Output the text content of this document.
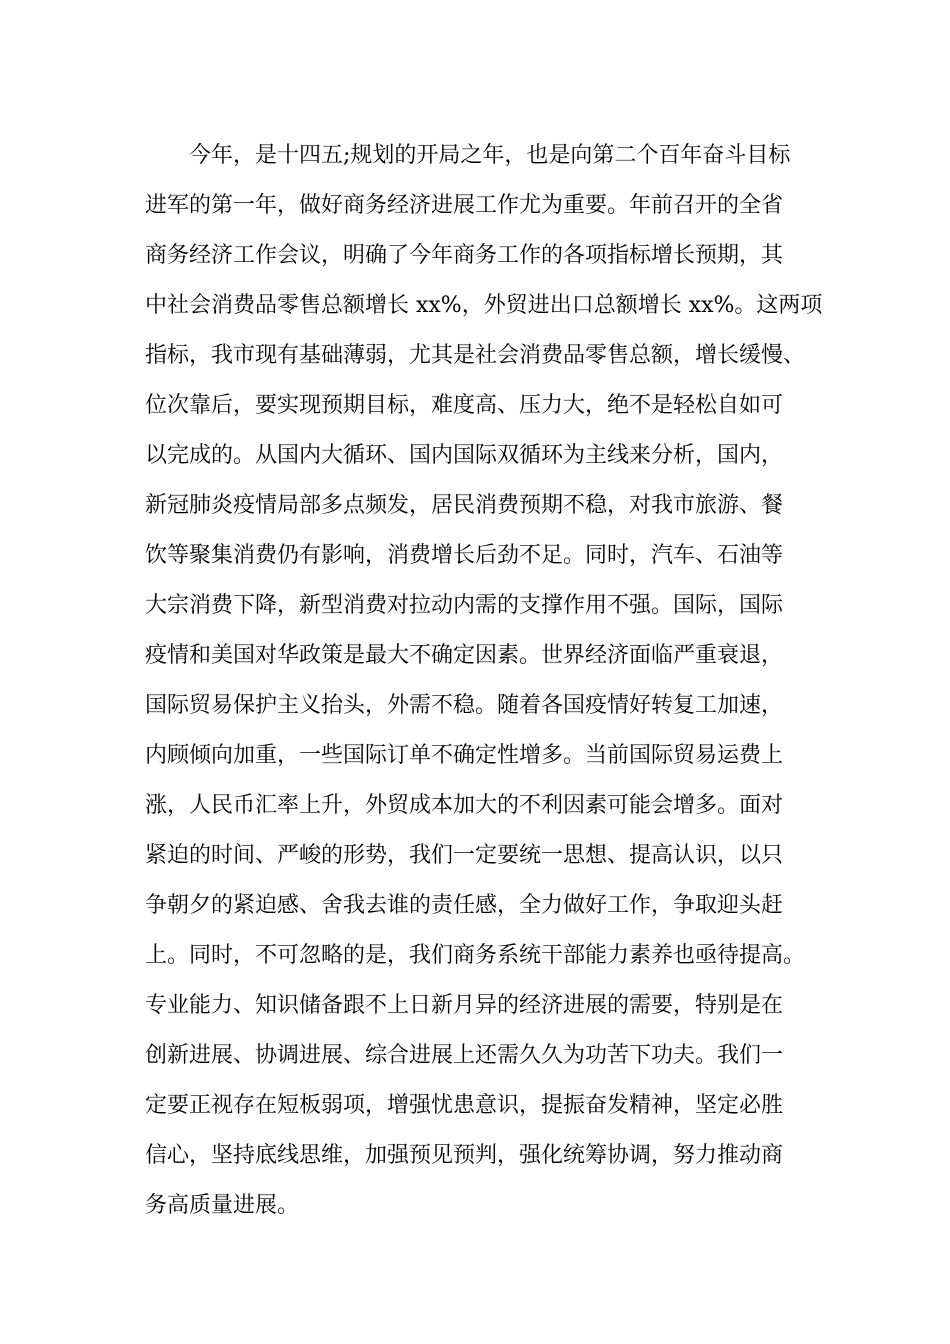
今年，是十四五;规划的开局之年，也是向第二个百年奋斗目标
进军的第一年，做好商务经济进展工作尤为重要。年前召开的全省
商务经济工作会议，明确了今年商务工作的各项指标增长预期，其
中社会消费品零售总额增长 xx%，外贸进出口总额增长 xx%。这两项
指标，我市现有基础薄弱，尤其是社会消费品零售总额，增长缓慢、
位次靠后，要实现预期目标，难度高、压力大，绝不是轻松自如可
以完成的。从国内大循环、国内国际双循环为主线来分析，国内，
新冠肺炎疫情局部多点频发，居民消费预期不稳，对我市旅游、餐
饮等聚集消费仍有影响，消费增长后劲不足。同时，汽车、石油等
大宗消费下降，新型消费对拉动内需的支撑作用不强。国际，国际
疫情和美国对华政策是最大不确定因素。世界经济面临严重衰退，
国际贸易保护主义抬头，外需不稳。随着各国疫情好转复工加速，
内顾倾向加重，一些国际订单不确定性增多。当前国际贸易运费上
涨，人民币汇率上升，外贸成本加大的不利因素可能会增多。面对
紧迫的时间、严峻的形势，我们一定要统一思想、提高认识，以只
争朝夕的紧迫感、舍我去谁的责任感，全力做好工作，争取迎头赶
上。同时，不可忽略的是，我们商务系统干部能力素养也亟待提高。
专业能力、知识储备跟不上日新月异的经济进展的需要，特别是在
创新进展、协调进展、综合进展上还需久久为功苦下功夫。我们一
定要正视存在短板弱项，增强忧患意识，提振奋发精神，坚定必胜
信心，坚持底线思维，加强预见预判，强化统筹协调，努力推动商
务高质量进展。
